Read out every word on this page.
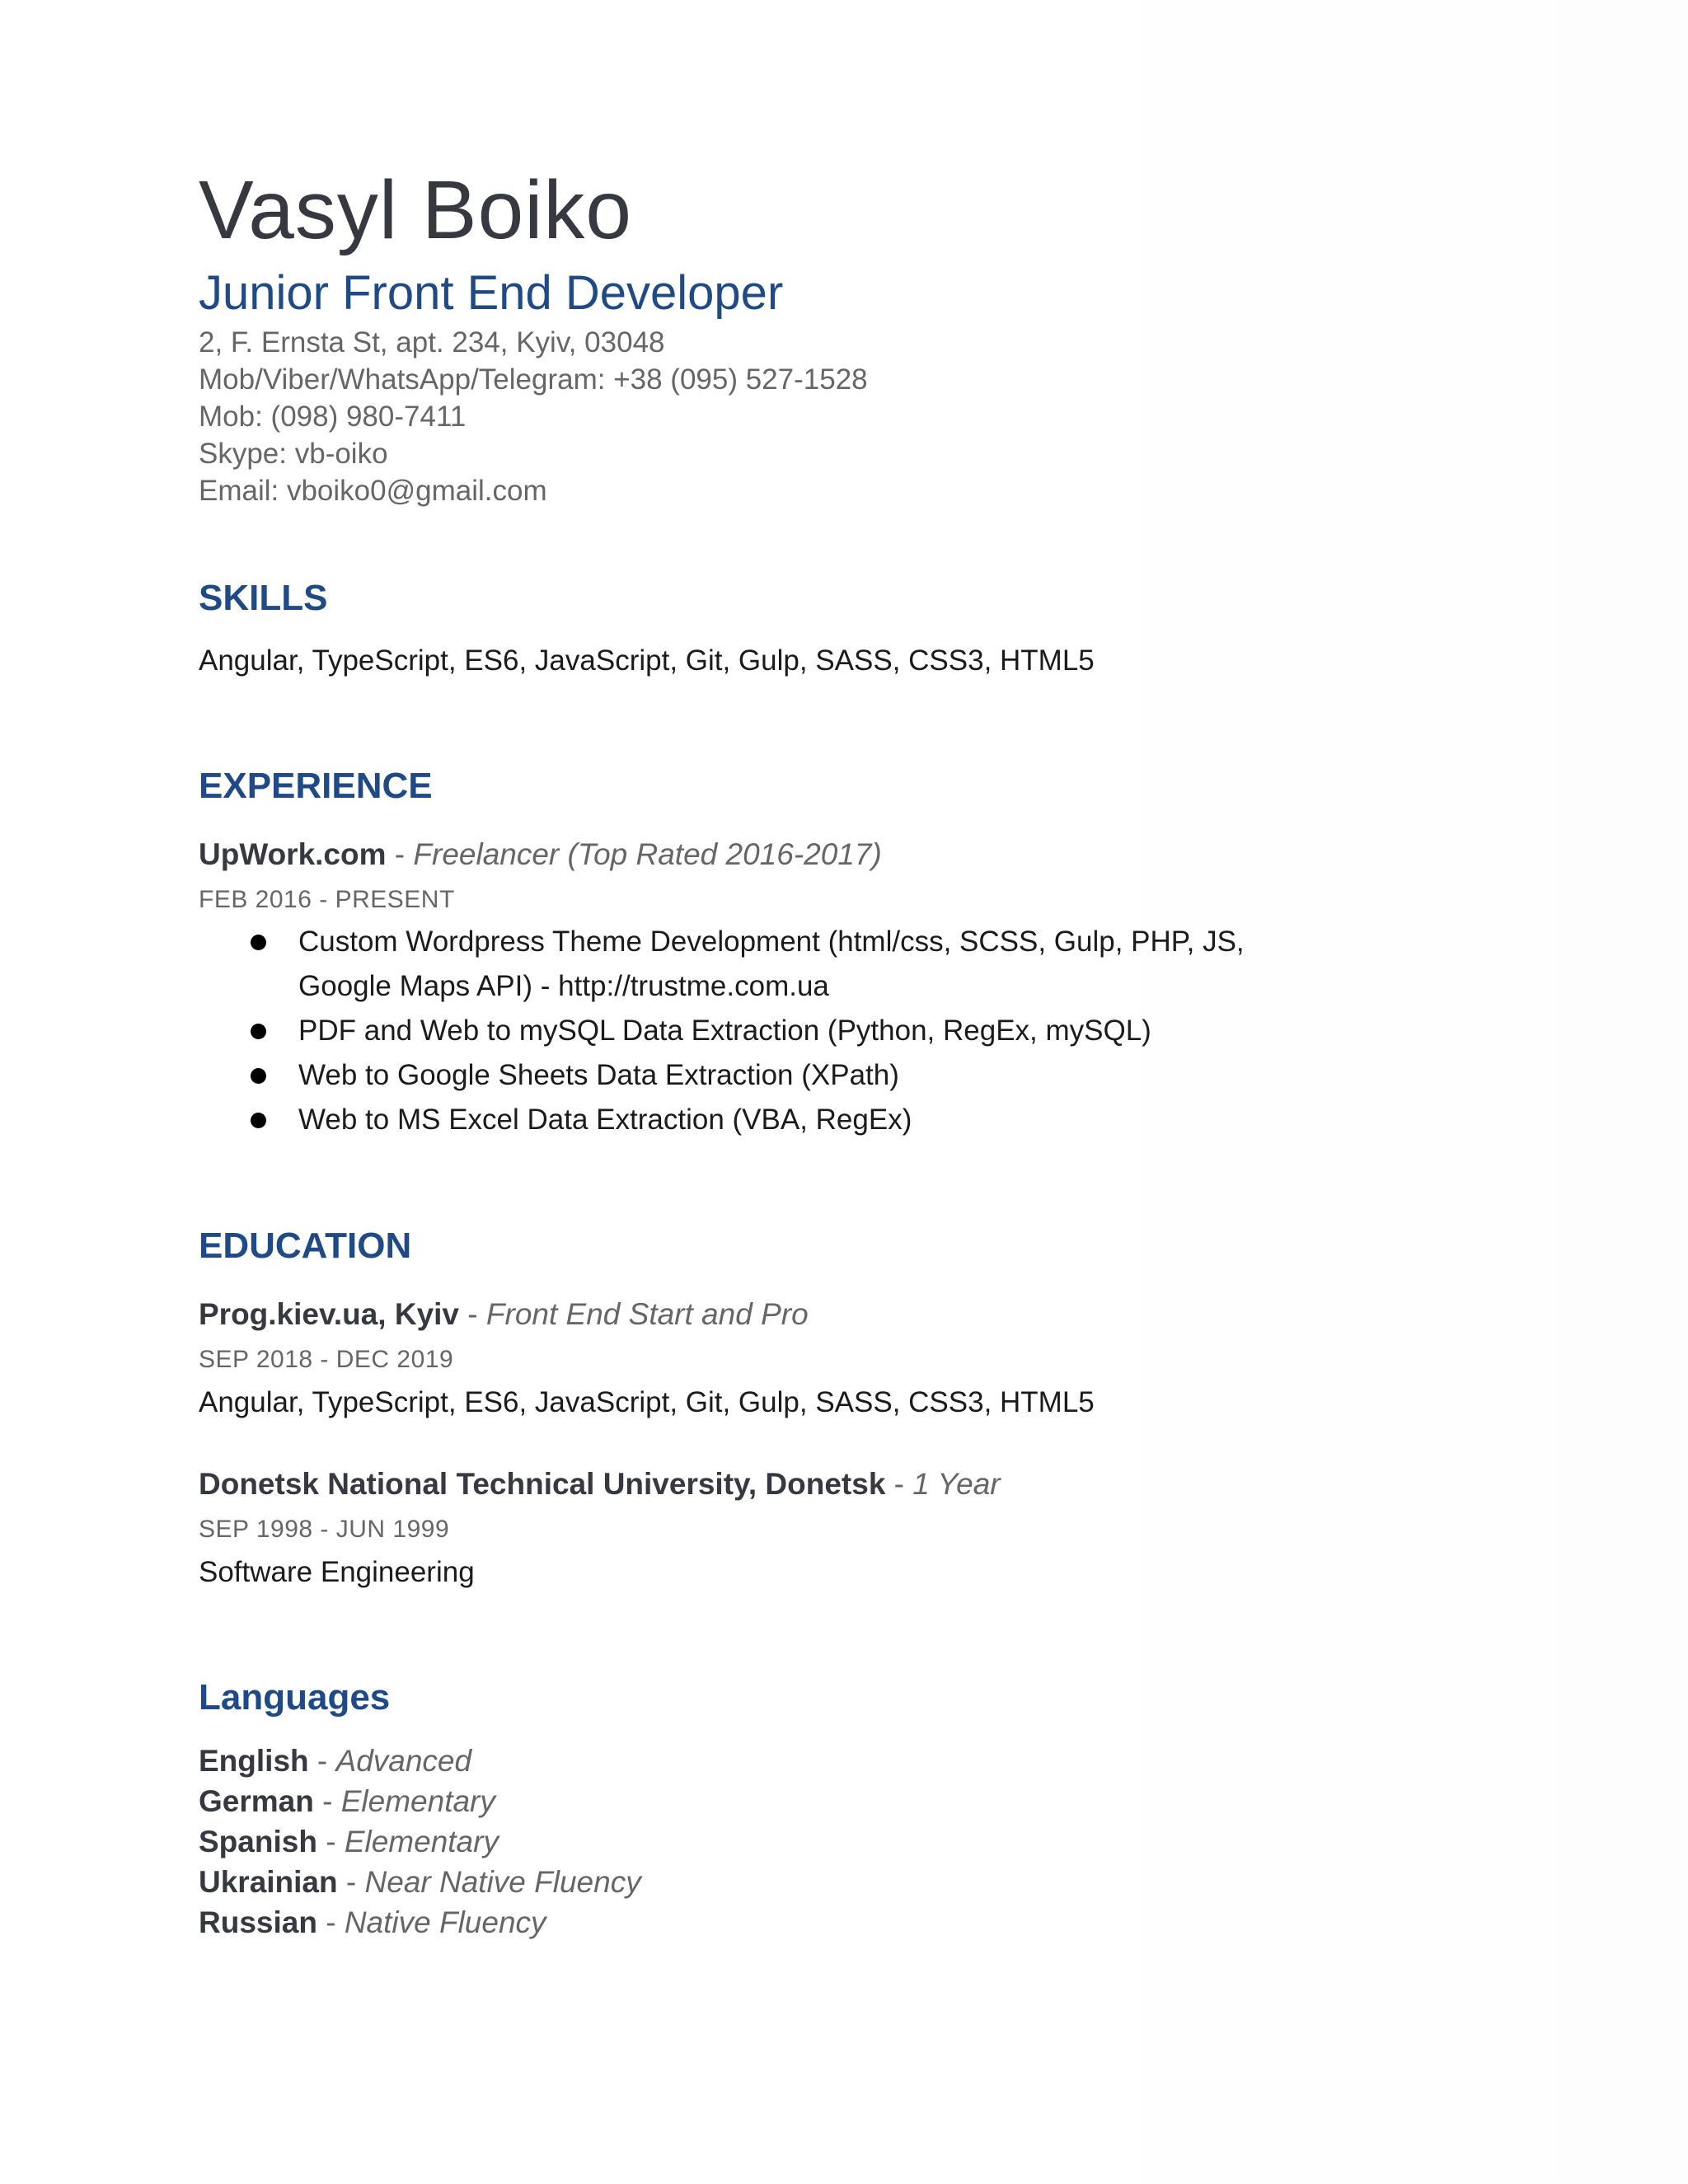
Vasyl Boiko
Junior Front End Developer
2, F. Ernsta St, apt. 234, Kyiv, 03048
Mob/Viber/WhatsApp/Telegram: +38 (095) 527-1528
Mob: (098) 980-7411
Skype: vb-oiko
Email: vboiko0@gmail.com
SKILLS
Angular, TypeScript, ES6, JavaScript, Git, Gulp, SASS, CSS3, HTML5
EXPERIENCE
UpWork.com - Freelancer (Top Rated 2016-2017)
FEB 2016 - PRESENT
Custom Wordpress Theme Development (html/css, SCSS, Gulp, PHP, JS, Google Maps API) - http://trustme.com.ua
PDF and Web to mySQL Data Extraction (Python, RegEx, mySQL)
Web to Google Sheets Data Extraction (XPath)
Web to MS Excel Data Extraction (VBA, RegEx)
EDUCATION
Prog.kiev.ua, Kyiv - Front End Start and Pro
SEP 2018 - DEC 2019
Angular, TypeScript, ES6, JavaScript, Git, Gulp, SASS, CSS3, HTML5
Donetsk National Technical University, Donetsk - 1 Year
SEP 1998 - JUN 1999
Software Engineering
Languages
English - Advanced
German - Elementary
Spanish - Elementary
Ukrainian - Near Native Fluency
Russian - Native Fluency
